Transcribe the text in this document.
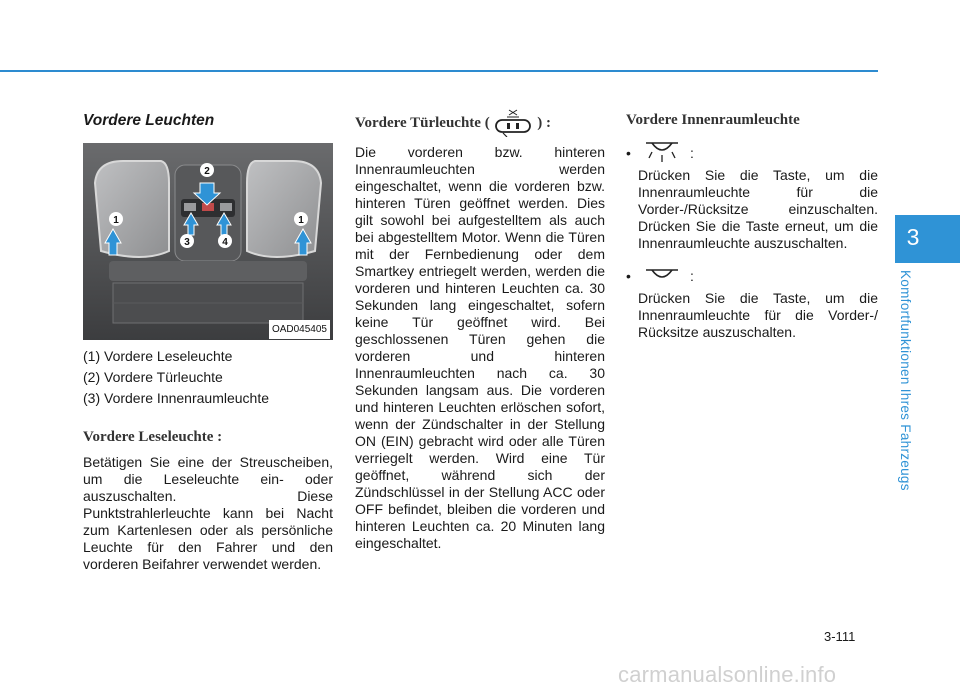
3
Komfortfunktionen Ihres Fahrzeugs
Vordere Leuchten
1
2
3	4
1
OAD045405
(1) Vordere Leseleuchte
(2) Vordere Türleuchte
(3) Vordere Innenraumleuchte
Vordere Leseleuchte :

Betätigen Sie eine der Streuscheiben, um die Leseleuchte ein- oder auszuschalten. Diese Punktstrahlerleuchte kann bei Nacht zum Kartenlesen oder als persönliche Leuchte für den Fahrer und den vorderen Beifahrer verwendet werden.

Vordere Türleuchte (	) :

Die vorderen bzw. hinteren Innenraumleuchten werden eingeschaltet, wenn die vorderen bzw. hinteren Türen geöffnet werden. Dies gilt sowohl bei aufgestelltem als auch bei abgestelltem Motor. Wenn die Türen mit der Fernbedienung oder dem Smartkey entriegelt werden, werden die vorderen und hinteren Leuchten ca. 30 Sekunden lang eingeschaltet, sofern keine Tür geöffnet wird. Bei geschlossenen Türen gehen die vorderen und hinteren Innenraumleuchten nach ca. 30 Sekunden langsam aus. Die vorderen und hinteren Leuchten erlöschen sofort, wenn der Zündschalter in der Stellung ON (EIN) gebracht wird oder alle Türen verriegelt werden. Wird eine Tür geöffnet, während sich der Zündschlüssel in der Stellung ACC oder OFF befindet, bleiben die vorderen und hinteren Leuchten ca. 20 Minuten lang eingeschaltet.

Vordere Innenraumleuchte
•	:

Drücken Sie die Taste, um die Innenraumleuchte für die Vorder-/Rücksitze einzuschalten. Drücken Sie die Taste erneut, um die Innenraumleuchte auszuschalten.

•	:

Drücken Sie die Taste, um die Innenraumleuchte für die Vorder-/ Rücksitze auszuschalten.

3-111
carmanualsonline.info
